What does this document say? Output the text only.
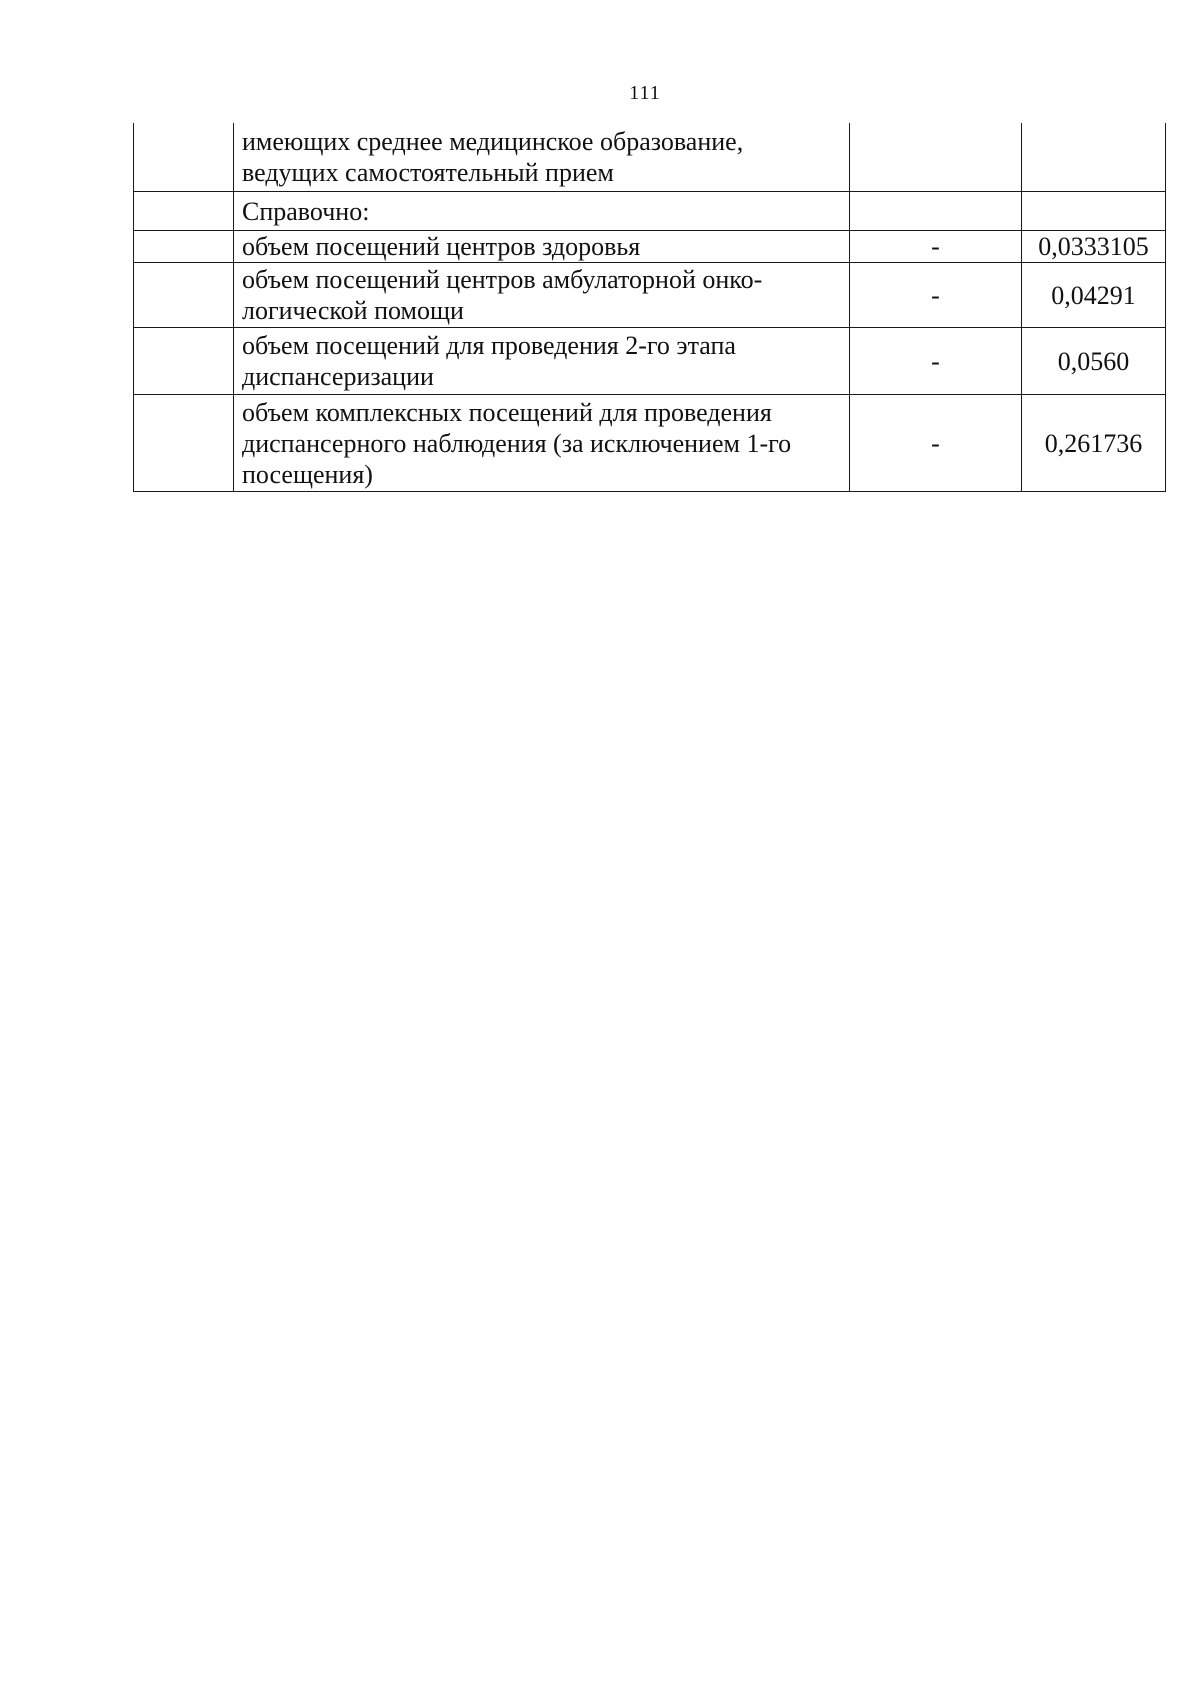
111
	имеющих среднее медицинское образование, ведущих самостоятельный прием		
	Справочно:		
	объем посещений центров здоровья	-	0,0333105
	объем посещений центров амбулаторной онко-логической помощи	-	0,04291
	объем посещений для проведения 2-го этапа диспансеризации	-	0,0560
	объем комплексных посещений для проведения диспансерного наблюдения (за исключением 1-го посещения)	-	0,261736
